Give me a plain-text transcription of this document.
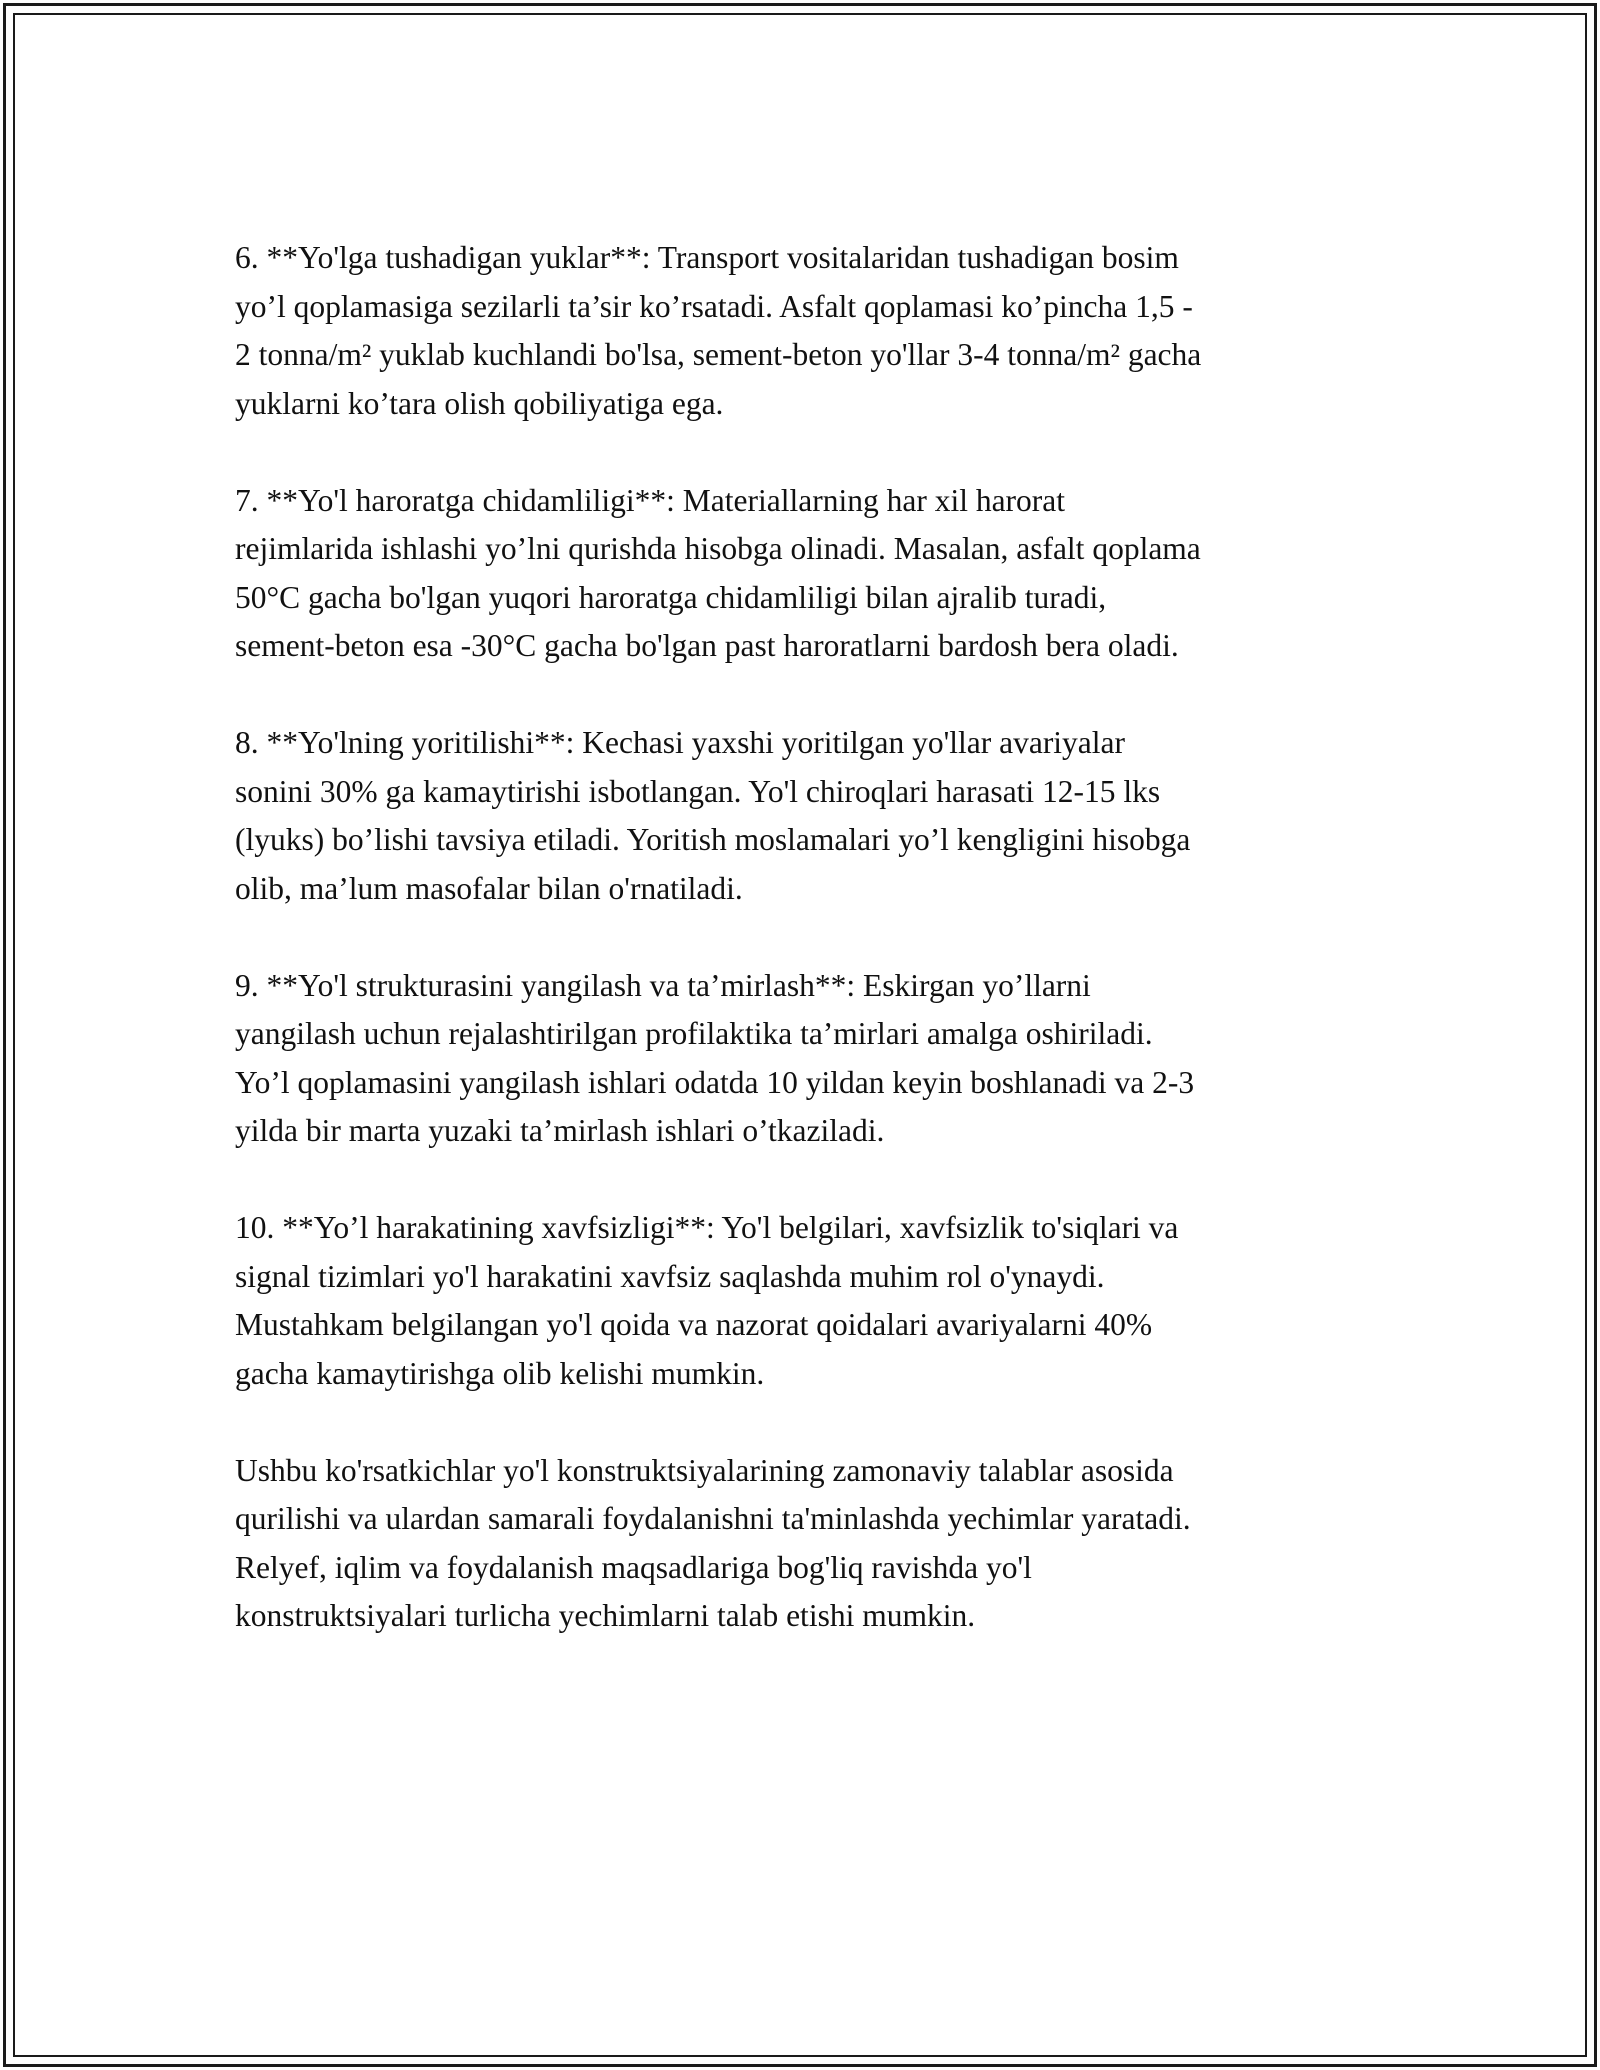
6. **Yo'lga tushadigan yuklar**: Transport vositalaridan tushadigan bosim
yo’l qoplamasiga sezilarli ta’sir ko’rsatadi. Asfalt qoplamasi ko’pincha 1,5 -
2 tonna/m² yuklab kuchlandi bo'lsa, sement-beton yo'llar 3-4 tonna/m² gacha
yuklarni ko’tara olish qobiliyatiga ega.

7. **Yo'l haroratga chidamliligi**: Materiallarning har xil harorat
rejimlarida ishlashi yo’lni qurishda hisobga olinadi. Masalan, asfalt qoplama
50°C gacha bo'lgan yuqori haroratga chidamliligi bilan ajralib turadi,
sement-beton esa -30°C gacha bo'lgan past haroratlarni bardosh bera oladi.

8. **Yo'lning yoritilishi**: Kechasi yaxshi yoritilgan yo'llar avariyalar
sonini 30% ga kamaytirishi isbotlangan. Yo'l chiroqlari harasati 12-15 lks
(lyuks) bo’lishi tavsiya etiladi. Yoritish moslamalari yo’l kengligini hisobga
olib, ma’lum masofalar bilan o'rnatiladi.

9. **Yo'l strukturasini yangilash va ta’mirlash**: Eskirgan yo’llarni
yangilash uchun rejalashtirilgan profilaktika ta’mirlari amalga oshiriladi.
Yo’l qoplamasini yangilash ishlari odatda 10 yildan keyin boshlanadi va 2-3
yilda bir marta yuzaki ta’mirlash ishlari o’tkaziladi.

10. **Yo’l harakatining xavfsizligi**: Yo'l belgilari, xavfsizlik to'siqlari va
signal tizimlari yo'l harakatini xavfsiz saqlashda muhim rol o'ynaydi.
Mustahkam belgilangan yo'l qoida va nazorat qoidalari avariyalarni 40%
gacha kamaytirishga olib kelishi mumkin.

Ushbu ko'rsatkichlar yo'l konstruktsiyalarining zamonaviy talablar asosida
qurilishi va ulardan samarali foydalanishni ta'minlashda yechimlar yaratadi.
Relyef, iqlim va foydalanish maqsadlariga bog'liq ravishda yo'l
konstruktsiyalari turlicha yechimlarni talab etishi mumkin.
